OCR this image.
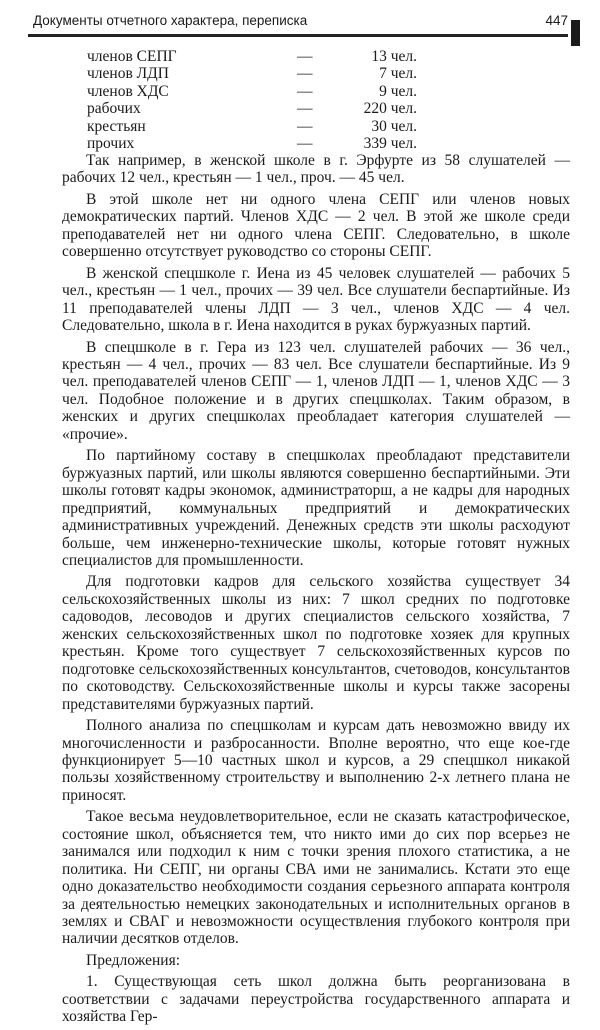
Документы отчетного характера, переписка	447
членов СЕПГ	—	13 чел.
членов ЛДП	—	7 чел.
членов ХДС	—	9 чел.
рабочих	—	220 чел.
крестьян	—	30 чел.
прочих	—	339 чел.

Так например, в женской школе в г. Эрфурте из 58 слушателей — рабочих 12 чел., крестьян — 1 чел., проч. — 45 чел.

В этой школе нет ни одного члена СЕПГ или членов новых демократических партий. Членов ХДС — 2 чел. В этой же школе среди преподавателей нет ни одного члена СЕПГ. Следовательно, в школе совершенно отсутствует руководство со стороны СЕПГ.

В женской спецшколе г. Иена из 45 человек слушателей — рабочих 5 чел., крестьян — 1 чел., прочих — 39 чел. Все слушатели беспартийные. Из 11 преподавателей члены ЛДП — 3 чел., членов ХДС — 4 чел. Следовательно, школа в г. Иена находится в руках буржуазных партий.

В спецшколе в г. Гера из 123 чел. слушателей рабочих — 36 чел., крестьян — 4 чел., прочих — 83 чел. Все слушатели беспартийные. Из 9 чел. преподавателей членов СЕПГ — 1, членов ЛДП — 1, членов ХДС — 3 чел. Подобное положение и в других спецшколах. Таким образом, в женских и других спецшколах преобладает категория слушателей — «прочие».

По партийному составу в спецшколах преобладают представители буржуазных партий, или школы являются совершенно беспартийными. Эти школы готовят кадры экономок, администраторш, а не кадры для народных предприятий, коммунальных предприятий и демократических административных учреждений. Денежных средств эти школы расходуют больше, чем инженерно-технические школы, которые готовят нужных специалистов для промышленности.

Для подготовки кадров для сельского хозяйства существует 34 сельскохозяйственных школы из них: 7 школ средних по подготовке садоводов, лесоводов и других специалистов сельского хозяйства, 7 женских сельскохозяйственных школ по подготовке хозяек для крупных крестьян. Кроме того существует 7 сельскохозяйственных курсов по подготовке сельскохозяйственных консультантов, счетоводов, консультантов по скотоводству. Сельскохозяйственные школы и курсы также засорены представителями буржуазных партий.

Полного анализа по спецшколам и курсам дать невозможно ввиду их многочисленности и разбросанности. Вполне вероятно, что еще кое-где функционирует 5—10 частных школ и курсов, а 29 спецшкол никакой пользы хозяйственному строительству и выполнению 2-х летнего плана не приносят.

Такое весьма неудовлетворительное, если не сказать катастрофическое, состояние школ, объясняется тем, что никто ими до сих пор всерьез не занимался или подходил к ним с точки зрения плохого статистика, а не политика. Ни СЕПГ, ни органы СВА ими не занимались. Кстати это еще одно доказательство необходимости создания серьезного аппарата контроля за деятельностью немецких законодательных и исполнительных органов в землях и СВАГ и невозможности осуществления глубокого контроля при наличии десятков отделов.

Предложения:

1. Существующая сеть школ должна быть реорганизована в соответствии с задачами переустройства государственного аппарата и хозяйства Гер-
